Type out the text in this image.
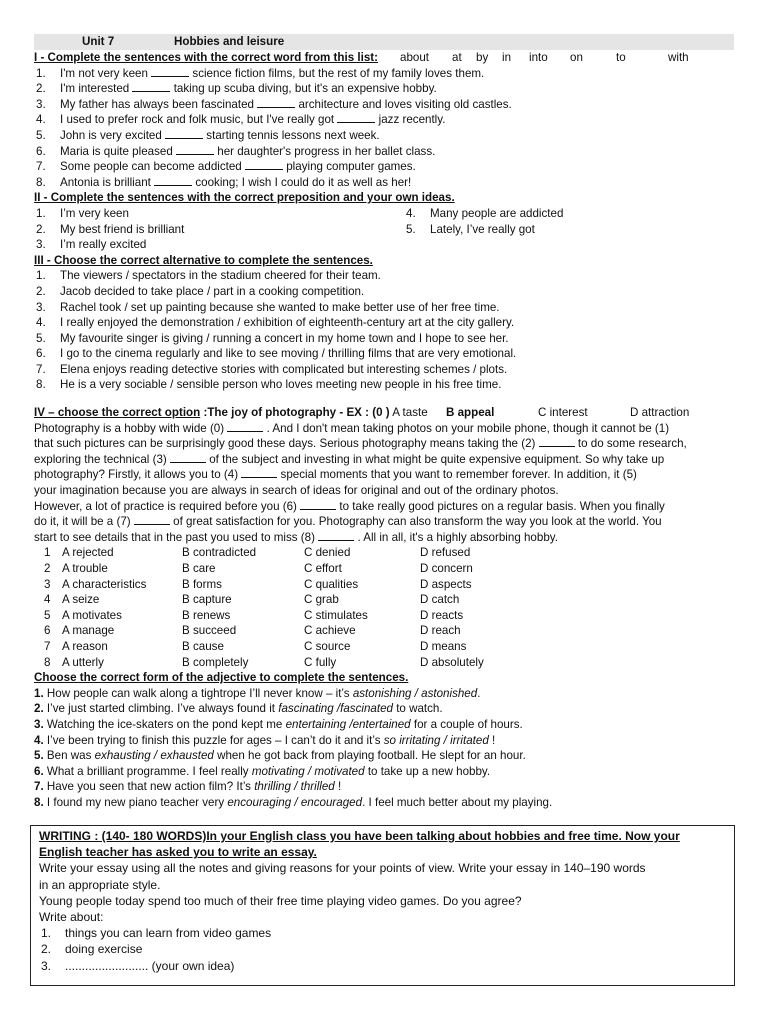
Unit 7	Hobbies and leisure
I - Complete the sentences with the correct word from this list: about at by in into on	to	with
1. I'm not very keen	science fiction films, but the rest of my family loves them.
2. I'm interested	taking up scuba diving, but it's an expensive hobby.
3. My father has always been fascinated	architecture and loves visiting old castles.
4. I used to prefer rock and folk music, but I've really got	jazz recently.
5. John is very excited	starting tennis lessons next week.
6. Maria is quite pleased	her daughter's progress in her ballet class.
7. Some people can become addicted	playing computer games.
8. Antonia is brilliant	cooking; I wish I could do it as well as her!
II - Complete the sentences with the correct preposition and your own ideas.
1. I’m very keen	4. Many people are addicted
2. My best friend is brilliant	5. Lately, I’ve really got
3. I’m really excited
III - Choose the correct alternative to complete the sentences.
1. The viewers / spectators in the stadium cheered for their team.
2. Jacob decided to take place / part in a cooking competition.
3. Rachel took / set up painting because she wanted to make better use of her free time.
4. I really enjoyed the demonstration / exhibition of eighteenth-century art at the city gallery.
5. My favourite singer is giving / running a concert in my home town and I hope to see her.
6. I go to the cinema regularly and like to see moving / thrilling films that are very emotional.
7. Elena enjoys reading detective stories with complicated but interesting schemes / plots.
8. He is a very sociable / sensible person who loves meeting new people in his free time.
IV – choose the correct option :The joy of photography - EX : (0 ) A taste B appeal	C interest	D attraction
Photography is a hobby with wide (0)	. And I don't mean taking photos on your mobile phone, though it cannot be (1)
that such pictures can be surprisingly good these days. Serious photography means taking the (2)	to do some research,
exploring the technical (3)	of the subject and investing in what might be quite expensive equipment. So why take up
photography? Firstly, it allows you to (4)	special moments that you want to remember forever. In addition, it (5)
your imagination because you are always in search of ideas for original and out of the ordinary photos.
However, a lot of practice is required before you (6)	to take really good pictures on a regular basis. When you finally
do it, it will be a (7)	of great satisfaction for you. Photography can also transform the way you look at the world. You
start to see details that in the past you used to miss (8)	. All in all, it's a highly absorbing hobby.
1 A rejected	B contradicted	C denied	D refused
2 A trouble	B care	C effort	D concern
3 A characteristics	B forms	C qualities	D aspects
4 A seize	B capture	C grab	D catch
5 A motivates	B renews	C stimulates	D reacts
6 A manage	B succeed	C achieve	D reach
7 A reason	B cause	C source	D means
8 A utterly	B completely	C fully	D absolutely
Choose the correct form of the adjective to complete the sentences.
1. How people can walk along a tightrope I’ll never know – it’s astonishing / astonished.
2. I’ve just started climbing. I’ve always found it fascinating /fascinated to watch.
3. Watching the ice-skaters on the pond kept me entertaining /entertained for a couple of hours.
4. I’ve been trying to finish this puzzle for ages – I can’t do it and it’s so irritating / irritated !
5. Ben was exhausting / exhausted when he got back from playing football. He slept for an hour.
6. What a brilliant programme. I feel really motivating / motivated to take up a new hobby.
7. Have you seen that new action film? It’s thrilling / thrilled !
8. I found my new piano teacher very encouraging / encouraged. I feel much better about my playing.
WRITING : (140- 180 WORDS)In your English class you have been talking about hobbies and free time. Now your
English teacher has asked you to write an essay.
Write your essay using all the notes and giving reasons for your points of view. Write your essay in 140–190 words
in an appropriate style.
Young people today spend too much of their free time playing video games. Do you agree?
Write about:
1. things you can learn from video games
2. doing exercise
3. ......................... (your own idea)
